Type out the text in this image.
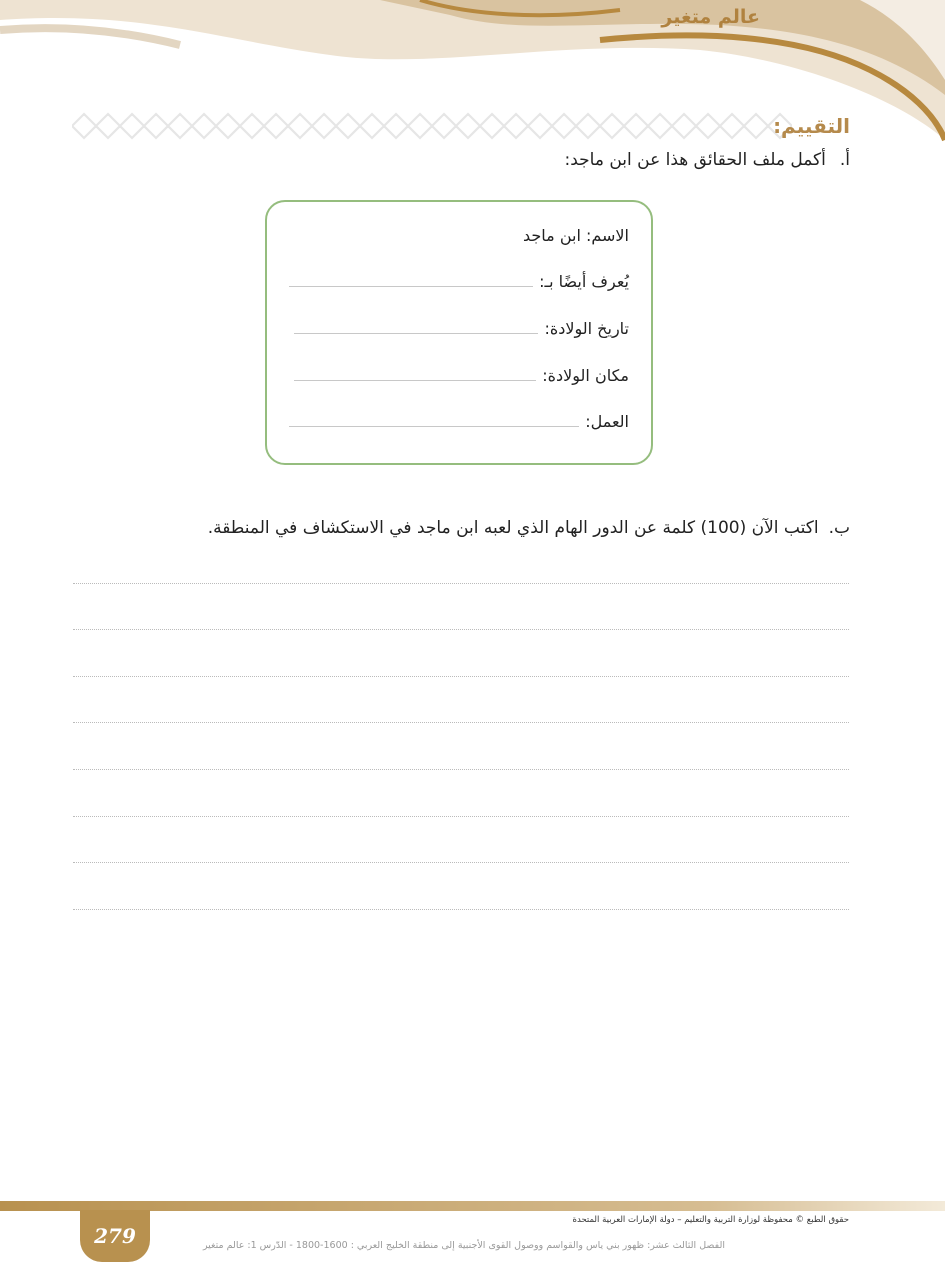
عالم متغير
التقييم:
أ.
أكمل ملف الحقائق هذا عن ابن ماجد:
الاسم: ابن ماجد
يُعرف أيضًا بـ:
تاريخ الولادة:
مكان الولادة:
العمل:
ب.
اكتب الآن (100) كلمة عن الدور الهام الذي لعبه ابن ماجد في الاستكشاف في المنطقة.
279
حقوق الطبع © محفوظة لوزارة التربية والتعليم – دولة الإمارات العربية المتحدة
الفصل الثالث عشر: ظهور بني ياس والقواسم ووصول القوى الأجنبية إلى منطقة الخليج العربي : 1600-1800 - الدّرس 1: عالم متغير
